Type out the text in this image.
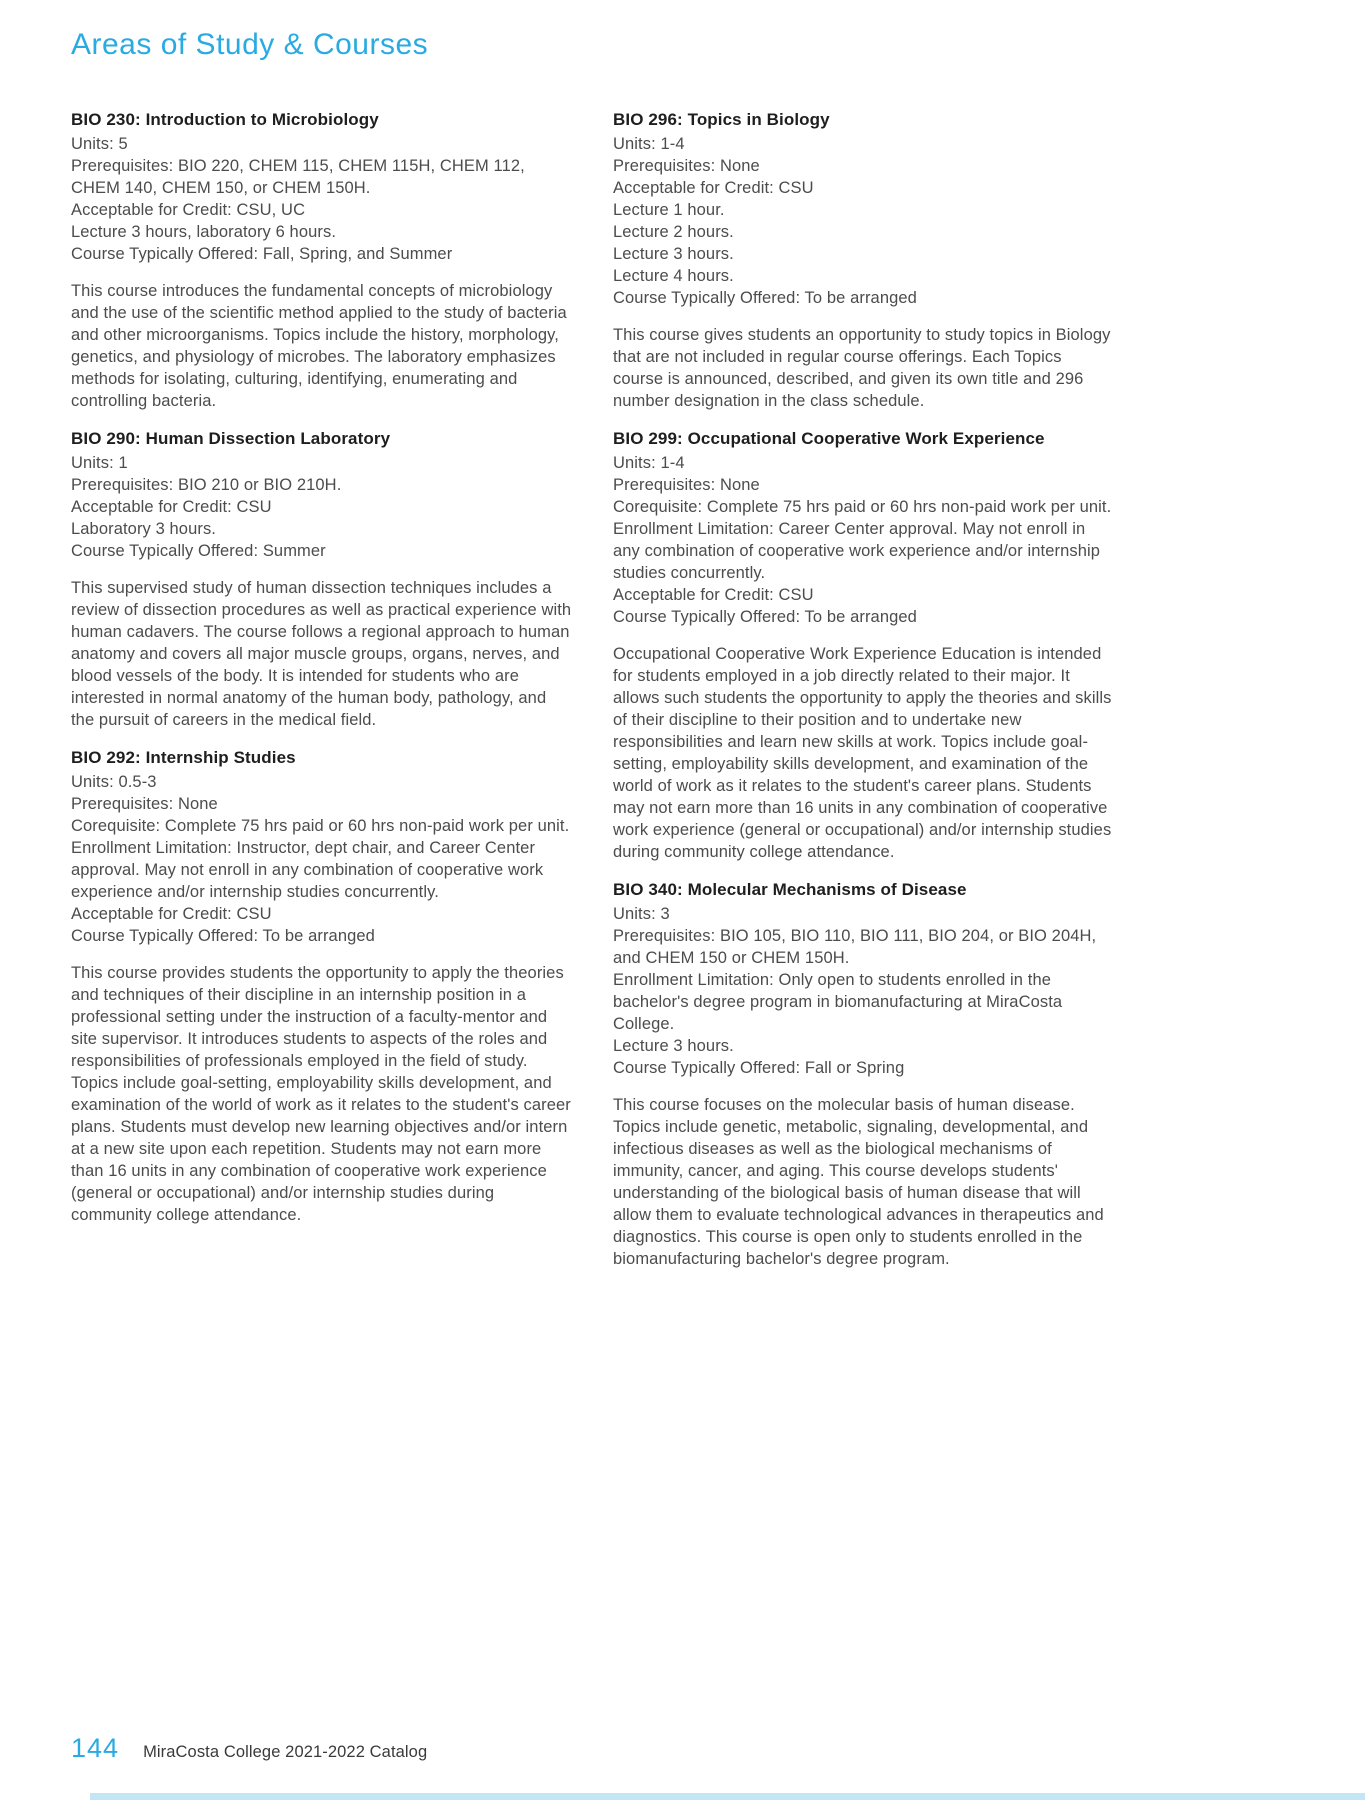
Areas of Study & Courses
BIO 230: Introduction to Microbiology
Units: 5
Prerequisites: BIO 220, CHEM 115, CHEM 115H, CHEM 112, CHEM 140, CHEM 150, or CHEM 150H.
Acceptable for Credit: CSU, UC
Lecture 3 hours, laboratory 6 hours.
Course Typically Offered: Fall, Spring, and Summer

This course introduces the fundamental concepts of microbiology and the use of the scientific method applied to the study of bacteria and other microorganisms. Topics include the history, morphology, genetics, and physiology of microbes. The laboratory emphasizes methods for isolating, culturing, identifying, enumerating and controlling bacteria.

BIO 290: Human Dissection Laboratory
Units: 1
Prerequisites: BIO 210 or BIO 210H.
Acceptable for Credit: CSU
Laboratory 3 hours.
Course Typically Offered: Summer

This supervised study of human dissection techniques includes a review of dissection procedures as well as practical experience with human cadavers. The course follows a regional approach to human anatomy and covers all major muscle groups, organs, nerves, and blood vessels of the body. It is intended for students who are interested in normal anatomy of the human body, pathology, and the pursuit of careers in the medical field.

BIO 292: Internship Studies
Units: 0.5-3
Prerequisites: None
Corequisite: Complete 75 hrs paid or 60 hrs non-paid work per unit.
Enrollment Limitation: Instructor, dept chair, and Career Center approval. May not enroll in any combination of cooperative work experience and/or internship studies concurrently.
Acceptable for Credit: CSU
Course Typically Offered: To be arranged

This course provides students the opportunity to apply the theories and techniques of their discipline in an internship position in a professional setting under the instruction of a faculty-mentor and site supervisor. It introduces students to aspects of the roles and responsibilities of professionals employed in the field of study. Topics include goal-setting, employability skills development, and examination of the world of work as it relates to the student's career plans. Students must develop new learning objectives and/or intern at a new site upon each repetition. Students may not earn more than 16 units in any combination of cooperative work experience (general or occupational) and/or internship studies during community college attendance.

BIO 296: Topics in Biology
Units: 1-4
Prerequisites: None
Acceptable for Credit: CSU
Lecture 1 hour.
Lecture 2 hours.
Lecture 3 hours.
Lecture 4 hours.
Course Typically Offered: To be arranged

This course gives students an opportunity to study topics in Biology that are not included in regular course offerings. Each Topics course is announced, described, and given its own title and 296 number designation in the class schedule.

BIO 299: Occupational Cooperative Work Experience
Units: 1-4
Prerequisites: None
Corequisite: Complete 75 hrs paid or 60 hrs non-paid work per unit.
Enrollment Limitation: Career Center approval. May not enroll in any combination of cooperative work experience and/or internship studies concurrently.
Acceptable for Credit: CSU
Course Typically Offered: To be arranged

Occupational Cooperative Work Experience Education is intended for students employed in a job directly related to their major. It allows such students the opportunity to apply the theories and skills of their discipline to their position and to undertake new responsibilities and learn new skills at work. Topics include goal-setting, employability skills development, and examination of the world of work as it relates to the student's career plans. Students may not earn more than 16 units in any combination of cooperative work experience (general or occupational) and/or internship studies during community college attendance.

BIO 340: Molecular Mechanisms of Disease
Units: 3
Prerequisites: BIO 105, BIO 110, BIO 111, BIO 204, or BIO 204H, and CHEM 150 or CHEM 150H.
Enrollment Limitation: Only open to students enrolled in the bachelor's degree program in biomanufacturing at MiraCosta College.
Lecture 3 hours.
Course Typically Offered: Fall or Spring

This course focuses on the molecular basis of human disease. Topics include genetic, metabolic, signaling, developmental, and infectious diseases as well as the biological mechanisms of immunity, cancer, and aging. This course develops students' understanding of the biological basis of human disease that will allow them to evaluate technological advances in therapeutics and diagnostics. This course is open only to students enrolled in the biomanufacturing bachelor's degree program.

144 MiraCosta College 2021-2022 Catalog
